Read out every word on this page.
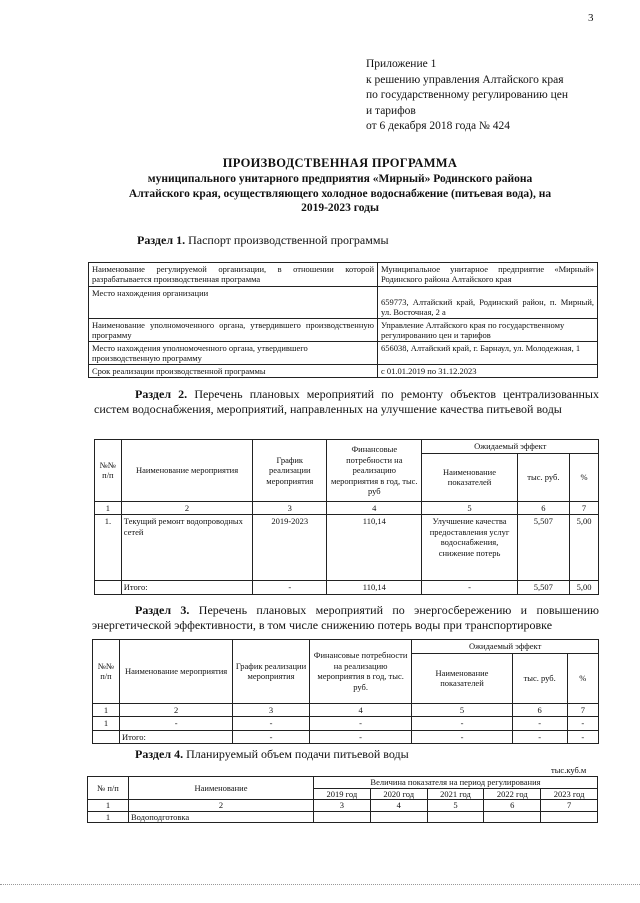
3
Приложение 1
к решению управления Алтайского края
по государственному регулированию цен
и тарифов
от 6 декабря 2018 года № 424
ПРОИЗВОДСТВЕННАЯ ПРОГРАММА
муниципального унитарного предприятия «Мирный» Родинского района
Алтайского края, осуществляющего холодное водоснабжение (питьевая вода), на
2019-2023 годы
Раздел 1. Паспорт производственной программы
Наименование регулируемой организации, в отношении которой разрабатывается производственная программа	Муниципальное унитарное предприятие «Мирный» Родинского района Алтайского края
Место нахождения организации	659773, Алтайский край, Родинский район, п. Мирный, ул. Восточная, 2 а
Наименование уполномоченного органа, утвердившего производственную программу	Управление Алтайского края по государственному регулированию цен и тарифов
Место нахождения уполномоченного органа, утвердившего производственную программу	656038, Алтайский край, г. Барнаул, ул. Молодежная, 1
Срок реализации производственной программы	с 01.01.2019 по 31.12.2023
Раздел 2. Перечень плановых мероприятий по ремонту объектов централизованных систем водоснабжения, мероприятий, направленных на улучшение качества питьевой воды
№№ п/п	Наименование мероприятия	График реализации мероприятия	Финансовые потребности на реализацию мероприятия в год, тыс. руб	Ожидаемый эффект		
				Наименование показателей	тыс. руб.	%
1	2	3	4	5	6	7
1.	Текущий ремонт водопроводных сетей	2019-2023	110,14	Улучшение качества предоставления услуг водоснабжения, снижение потерь	5,507	5,00
	Итого:	-	110,14	-	5,507	5,00
Раздел 3. Перечень плановых мероприятий по энергосбережению и повышению энергетической эффективности, в том числе снижению потерь воды при транспортировке
№№ п/п	Наименование мероприятия	График реализации мероприятия	Финансовые потребности на реализацию мероприятия в год, тыс. руб.	Ожидаемый эффект		
				Наименование показателей	тыс. руб.	%
1	2	3	4	5	6	7
1	-	-	-	-	-	-
	Итого:	-	-	-	-	-
Раздел 4. Планируемый объем подачи питьевой воды
тыс.куб.м
№ п/п	Наименование	Величина показателя на период регулирования				
		2019 год	2020 год	2021 год	2022 год	2023 год
1	2	3	4	5	6	7
1	Водоподготовка					
